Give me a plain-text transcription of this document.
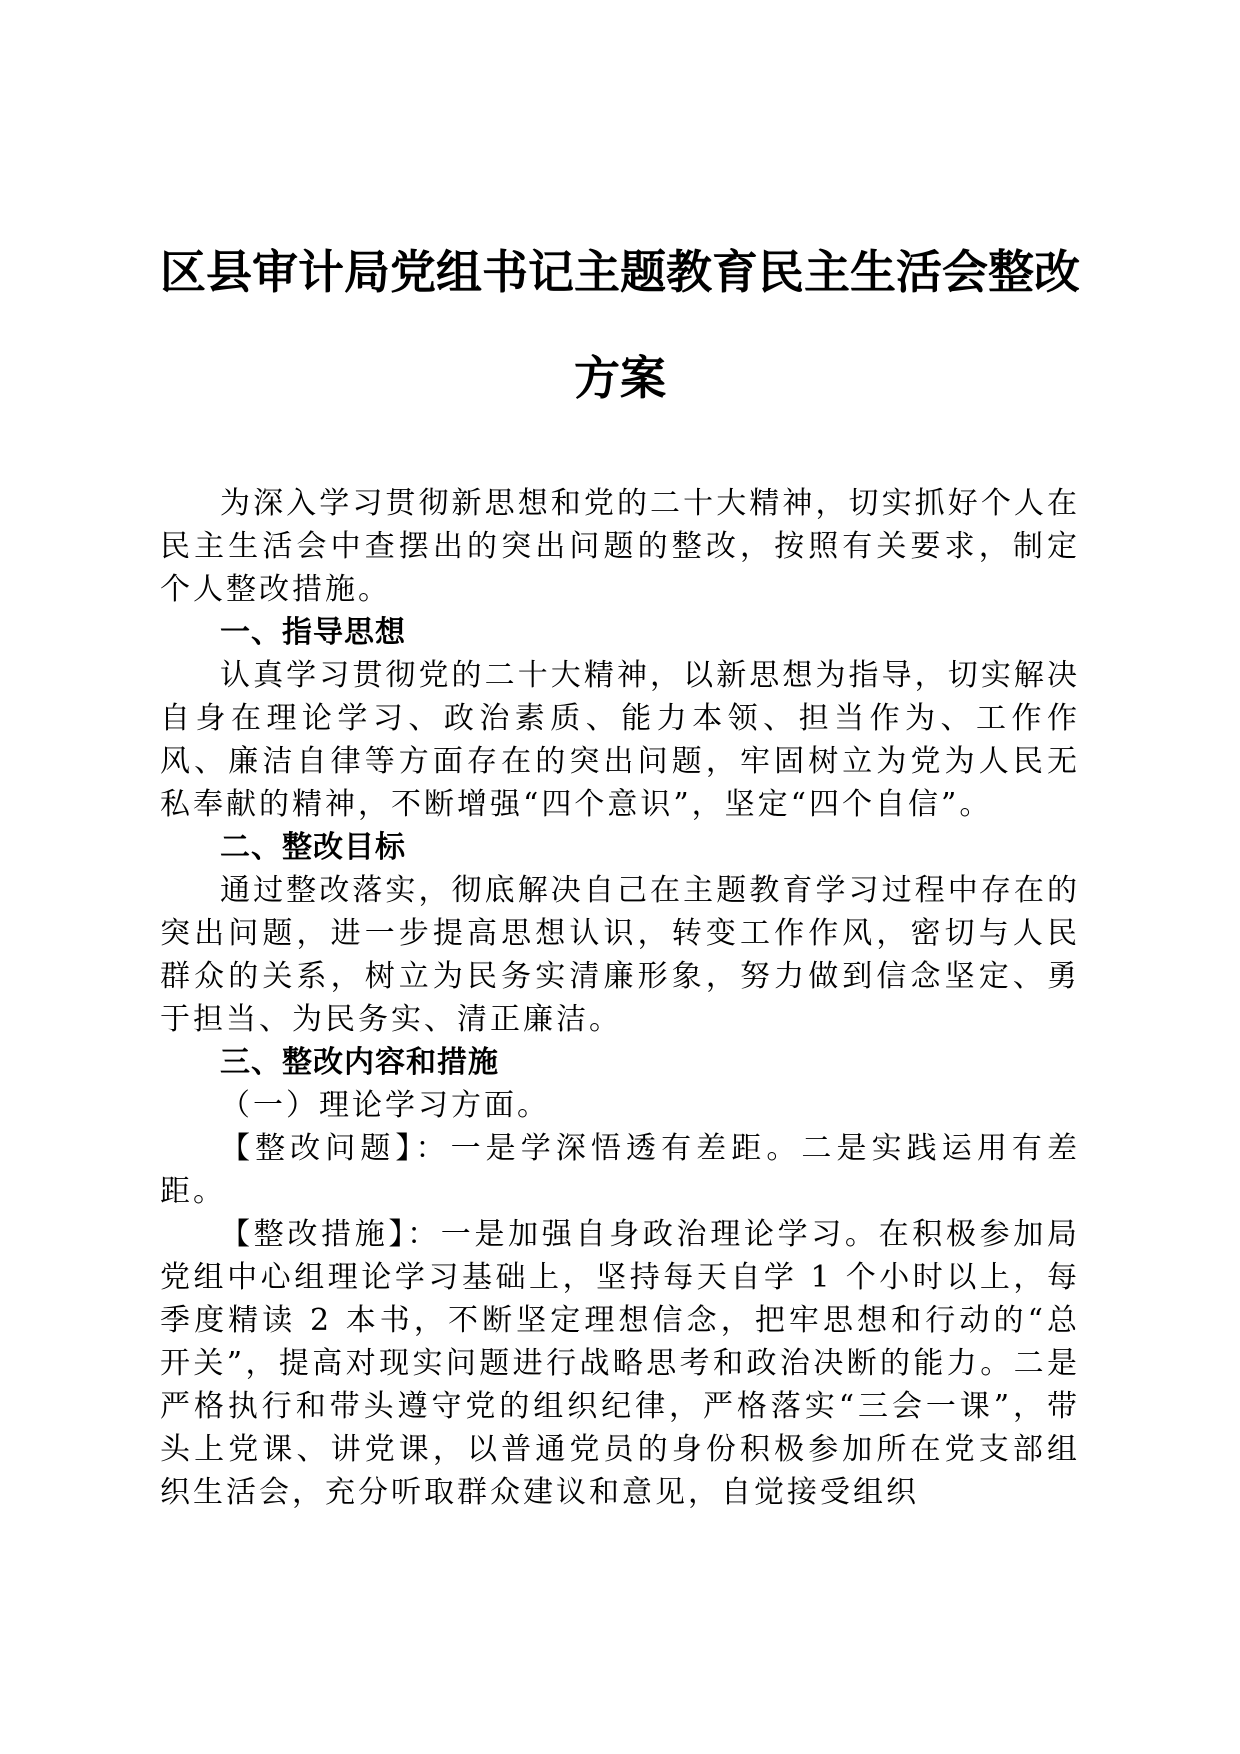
区县审计局党组书记主题教育民主生活会整改
方案

为深入学习贯彻新思想和党的二十大精神，切实抓好个人在民主生活会中查摆出的突出问题的整改，按照有关要求，制定个人整改措施。

一、指导思想

认真学习贯彻党的二十大精神，以新思想为指导，切实解决自身在理论学习、政治素质、能力本领、担当作为、工作作风、廉洁自律等方面存在的突出问题，牢固树立为党为人民无私奉献的精神，不断增强“四个意识”，坚定“四个自信”。

二、整改目标

通过整改落实，彻底解决自己在主题教育学习过程中存在的突出问题，进一步提高思想认识，转变工作作风，密切与人民群众的关系，树立为民务实清廉形象，努力做到信念坚定、勇于担当、为民务实、清正廉洁。

三、整改内容和措施

（一）理论学习方面。

【整改问题】：一是学深悟透有差距。二是实践运用有差距。

【整改措施】：一是加强自身政治理论学习。在积极参加局党组中心组理论学习基础上，坚持每天自学 1 个小时以上，每季度精读 2 本书，不断坚定理想信念，把牢思想和行动的“总开关”，提高对现实问题进行战略思考和政治决断的能力。二是严格执行和带头遵守党的组织纪律，严格落实“三会一课”，带头上党课、讲党课，以普通党员的身份积极参加所在党支部组织生活会，充分听取群众建议和意见，自觉接受组织
